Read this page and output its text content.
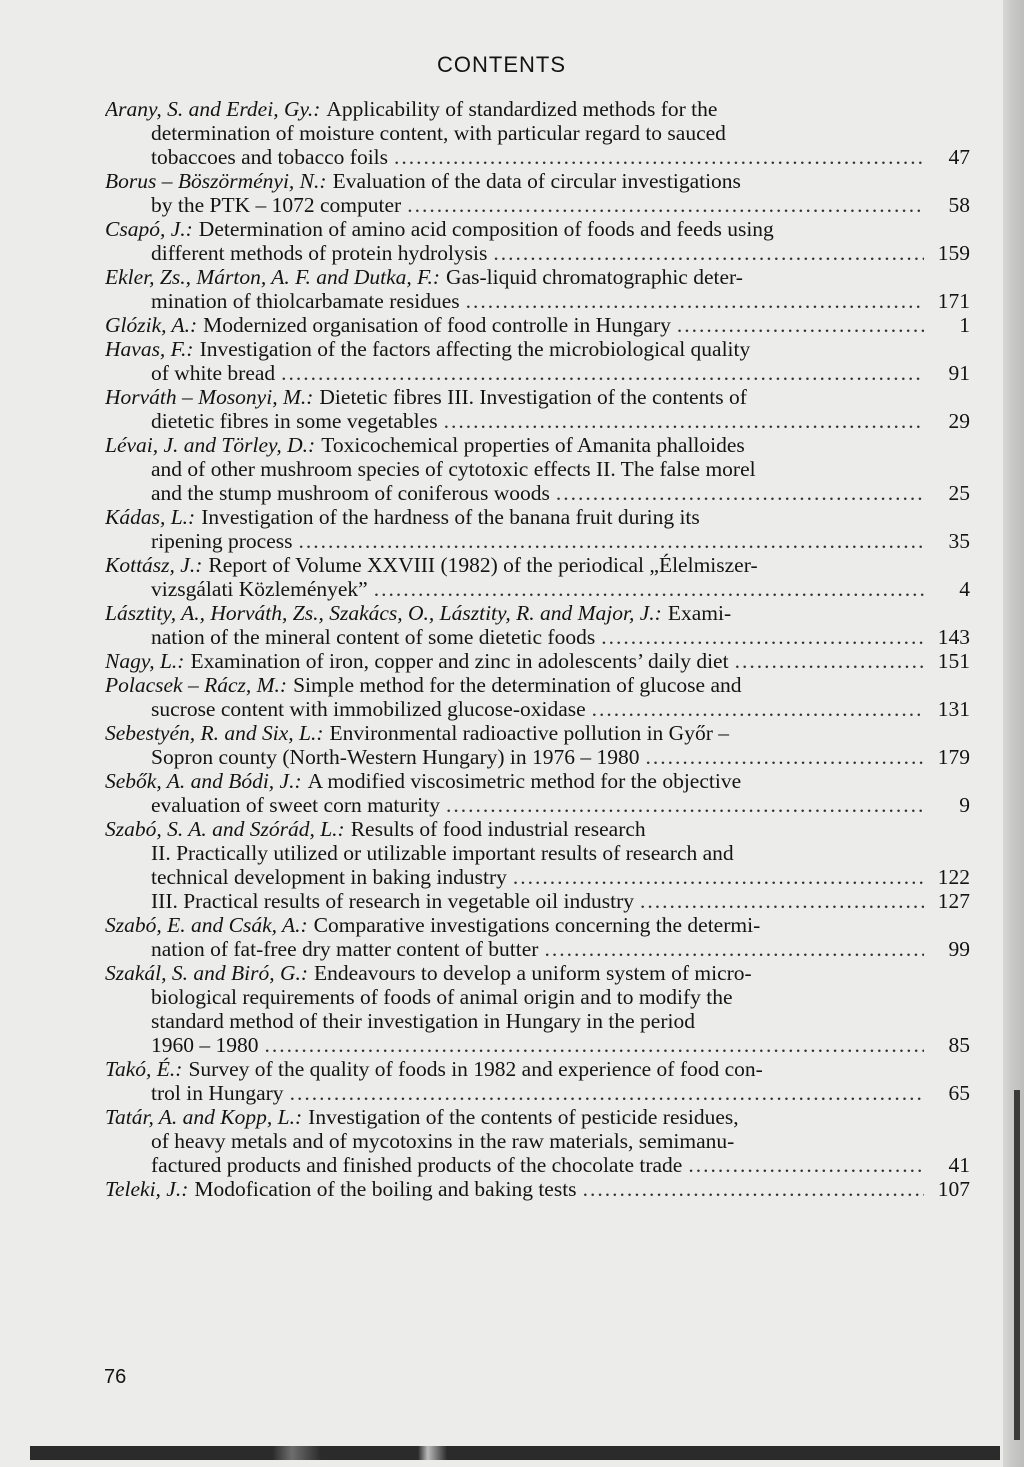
CONTENTS
Arany, S. and Erdei, Gy.: Applicability of standardized methods for the
determination of moisture content, with particular regard to sauced
tobaccoes and tobacco foils .....	47
Borus – Böszörményi, N.: Evaluation of the data of circular investigations
by the PTK – 1072 computer .....	58
Csapó, J.: Determination of amino acid composition of foods and feeds using
different methods of protein hydrolysis .....	159
Ekler, Zs., Márton, A. F. and Dutka, F.: Gas-liquid chromatographic deter-
mination of thiolcarbamate residues .....	171
Glózik, A.: Modernized organisation of food controlle in Hungary .....	1
Havas, F.: Investigation of the factors affecting the microbiological quality
of white bread .....	91
Horváth – Mosonyi, M.: Dietetic fibres III. Investigation of the contents of
dietetic fibres in some vegetables .....	29
Lévai, J. and Törley, D.: Toxicochemical properties of Amanita phalloides
and of other mushroom species of cytotoxic effects II. The false morel
and the stump mushroom of coniferous woods .....	25
Kádas, L.: Investigation of the hardness of the banana fruit during its
ripening process .....	35
Kottász, J.: Report of Volume XXVIII (1982) of the periodical „Élelmiszer-
vizsgálati Közlemények” .....	4
Lásztity, A., Horváth, Zs., Szakács, O., Lásztity, R. and Major, J.: Exami-
nation of the mineral content of some dietetic foods .....	143
Nagy, L.: Examination of iron, copper and zinc in adolescents’ daily diet .....	151
Polacsek – Rácz, M.: Simple method for the determination of glucose and
sucrose content with immobilized glucose-oxidase .....	131
Sebestyén, R. and Six, L.: Environmental radioactive pollution in Győr –
Sopron county (North-Western Hungary) in 1976 – 1980 .....	179
Sebők, A. and Bódi, J.: A modified viscosimetric method for the objective
evaluation of sweet corn maturity .....	9
Szabó, S. A. and Szórád, L.: Results of food industrial research
II. Practically utilized or utilizable important results of research and
technical development in baking industry .....	122
III. Practical results of research in vegetable oil industry .....	127
Szabó, E. and Csák, A.: Comparative investigations concerning the determi-
nation of fat-free dry matter content of butter .....	99
Szakál, S. and Biró, G.: Endeavours to develop a uniform system of micro-
biological requirements of foods of animal origin and to modify the
standard method of their investigation in Hungary in the period
1960 – 1980 .....	85
Takó, É.: Survey of the quality of foods in 1982 and experience of food con-
trol in Hungary .....	65
Tatár, A. and Kopp, L.: Investigation of the contents of pesticide residues,
of heavy metals and of mycotoxins in the raw materials, semimanu-
factured products and finished products of the chocolate trade .....	41
Teleki, J.: Modofication of the boiling and baking tests .....	107
76
